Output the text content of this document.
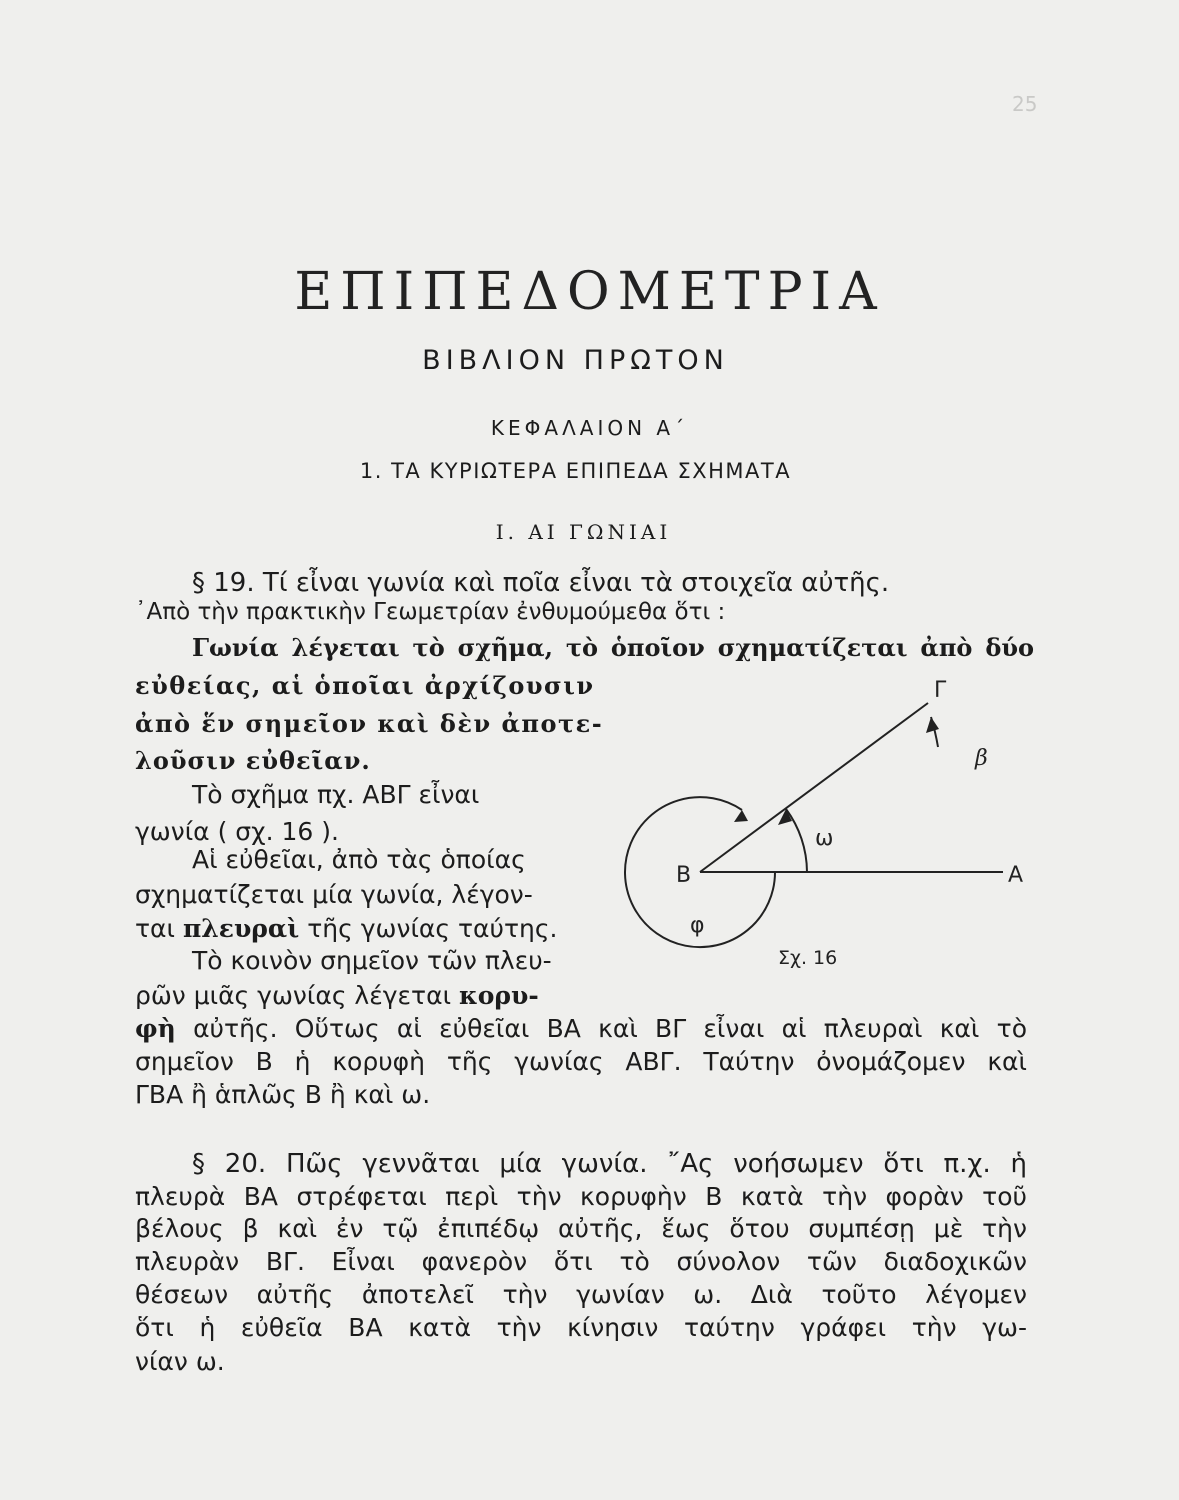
25
ΕΠΙΠΕΔΟΜΕΤΡΙΑ
ΒΙΒΛΙΟΝ ΠΡΩΤΟΝ
ΚΕΦΑΛΑΙΟΝ Α΄
1. ΤΑ ΚΥΡΙΩΤΕΡΑ ΕΠΙΠΕΔΑ ΣΧΗΜΑΤΑ
Ι. ΑΙ ΓΩΝΙΑΙ
§ 19. Τί εἶναι γωνία καὶ ποῖα εἶναι τὰ στοιχεῖα αὐτῆς.
᾿Απὸ τὴν πρακτικὴν Γεωμετρίαν ἐνθυμούμεθα ὅτι :
Γωνία λέγεται τὸ σχῆμα, τὸ ὁποῖον σχηματίζεται ἀπὸ δύο
εὐθείας, αἱ ὁποῖαι ἀρχίζουσιν
ἀπὸ ἕν σημεῖον καὶ δὲν ἀποτε-
λοῦσιν εὐθεῖαν.
Τὸ σχῆμα πχ. ΑΒΓ εἶναι
γωνία ( σχ. 16 ).
Αἱ εὐθεῖαι, ἀπὸ τὰς ὁποίας
σχηματίζεται μία γωνία, λέγον-
ται πλευραὶ τῆς γωνίας ταύτης.
Τὸ κοινὸν σημεῖον τῶν πλευ-
ρῶν μιᾶς γωνίας λέγεται κορυ-
φὴ αὐτῆς. Οὕτως αἱ εὐθεῖαι ΒΑ καὶ ΒΓ εἶναι αἱ πλευραὶ καὶ τὸ
σημεῖον Β ἡ κορυφὴ τῆς γωνίας ΑΒΓ. Ταύτην ὀνομάζομεν καὶ
ΓΒΑ ἢ ἁπλῶς Β ἢ καὶ ω.
Α
Β
Γ
β
ω
φ
Σχ. 16
§ 20. Πῶς γεννᾶται μία γωνία. ῎Ας νοήσωμεν ὅτι π.χ. ἡ
πλευρὰ ΒΑ στρέφεται περὶ τὴν κορυφὴν Β κατὰ τὴν φορὰν τοῦ
βέλους β καὶ ἐν τῷ ἐπιπέδῳ αὐτῆς, ἕως ὅτου συμπέσῃ μὲ τὴν
πλευρὰν ΒΓ. Εἶναι φανερὸν ὅτι τὸ σύνολον τῶν διαδοχικῶν
θέσεων αὐτῆς ἀποτελεῖ τὴν γωνίαν ω. Διὰ τοῦτο λέγομεν
ὅτι ἡ εὐθεῖα ΒΑ κατὰ τὴν κίνησιν ταύτην γράφει τὴν γω-
νίαν ω.
